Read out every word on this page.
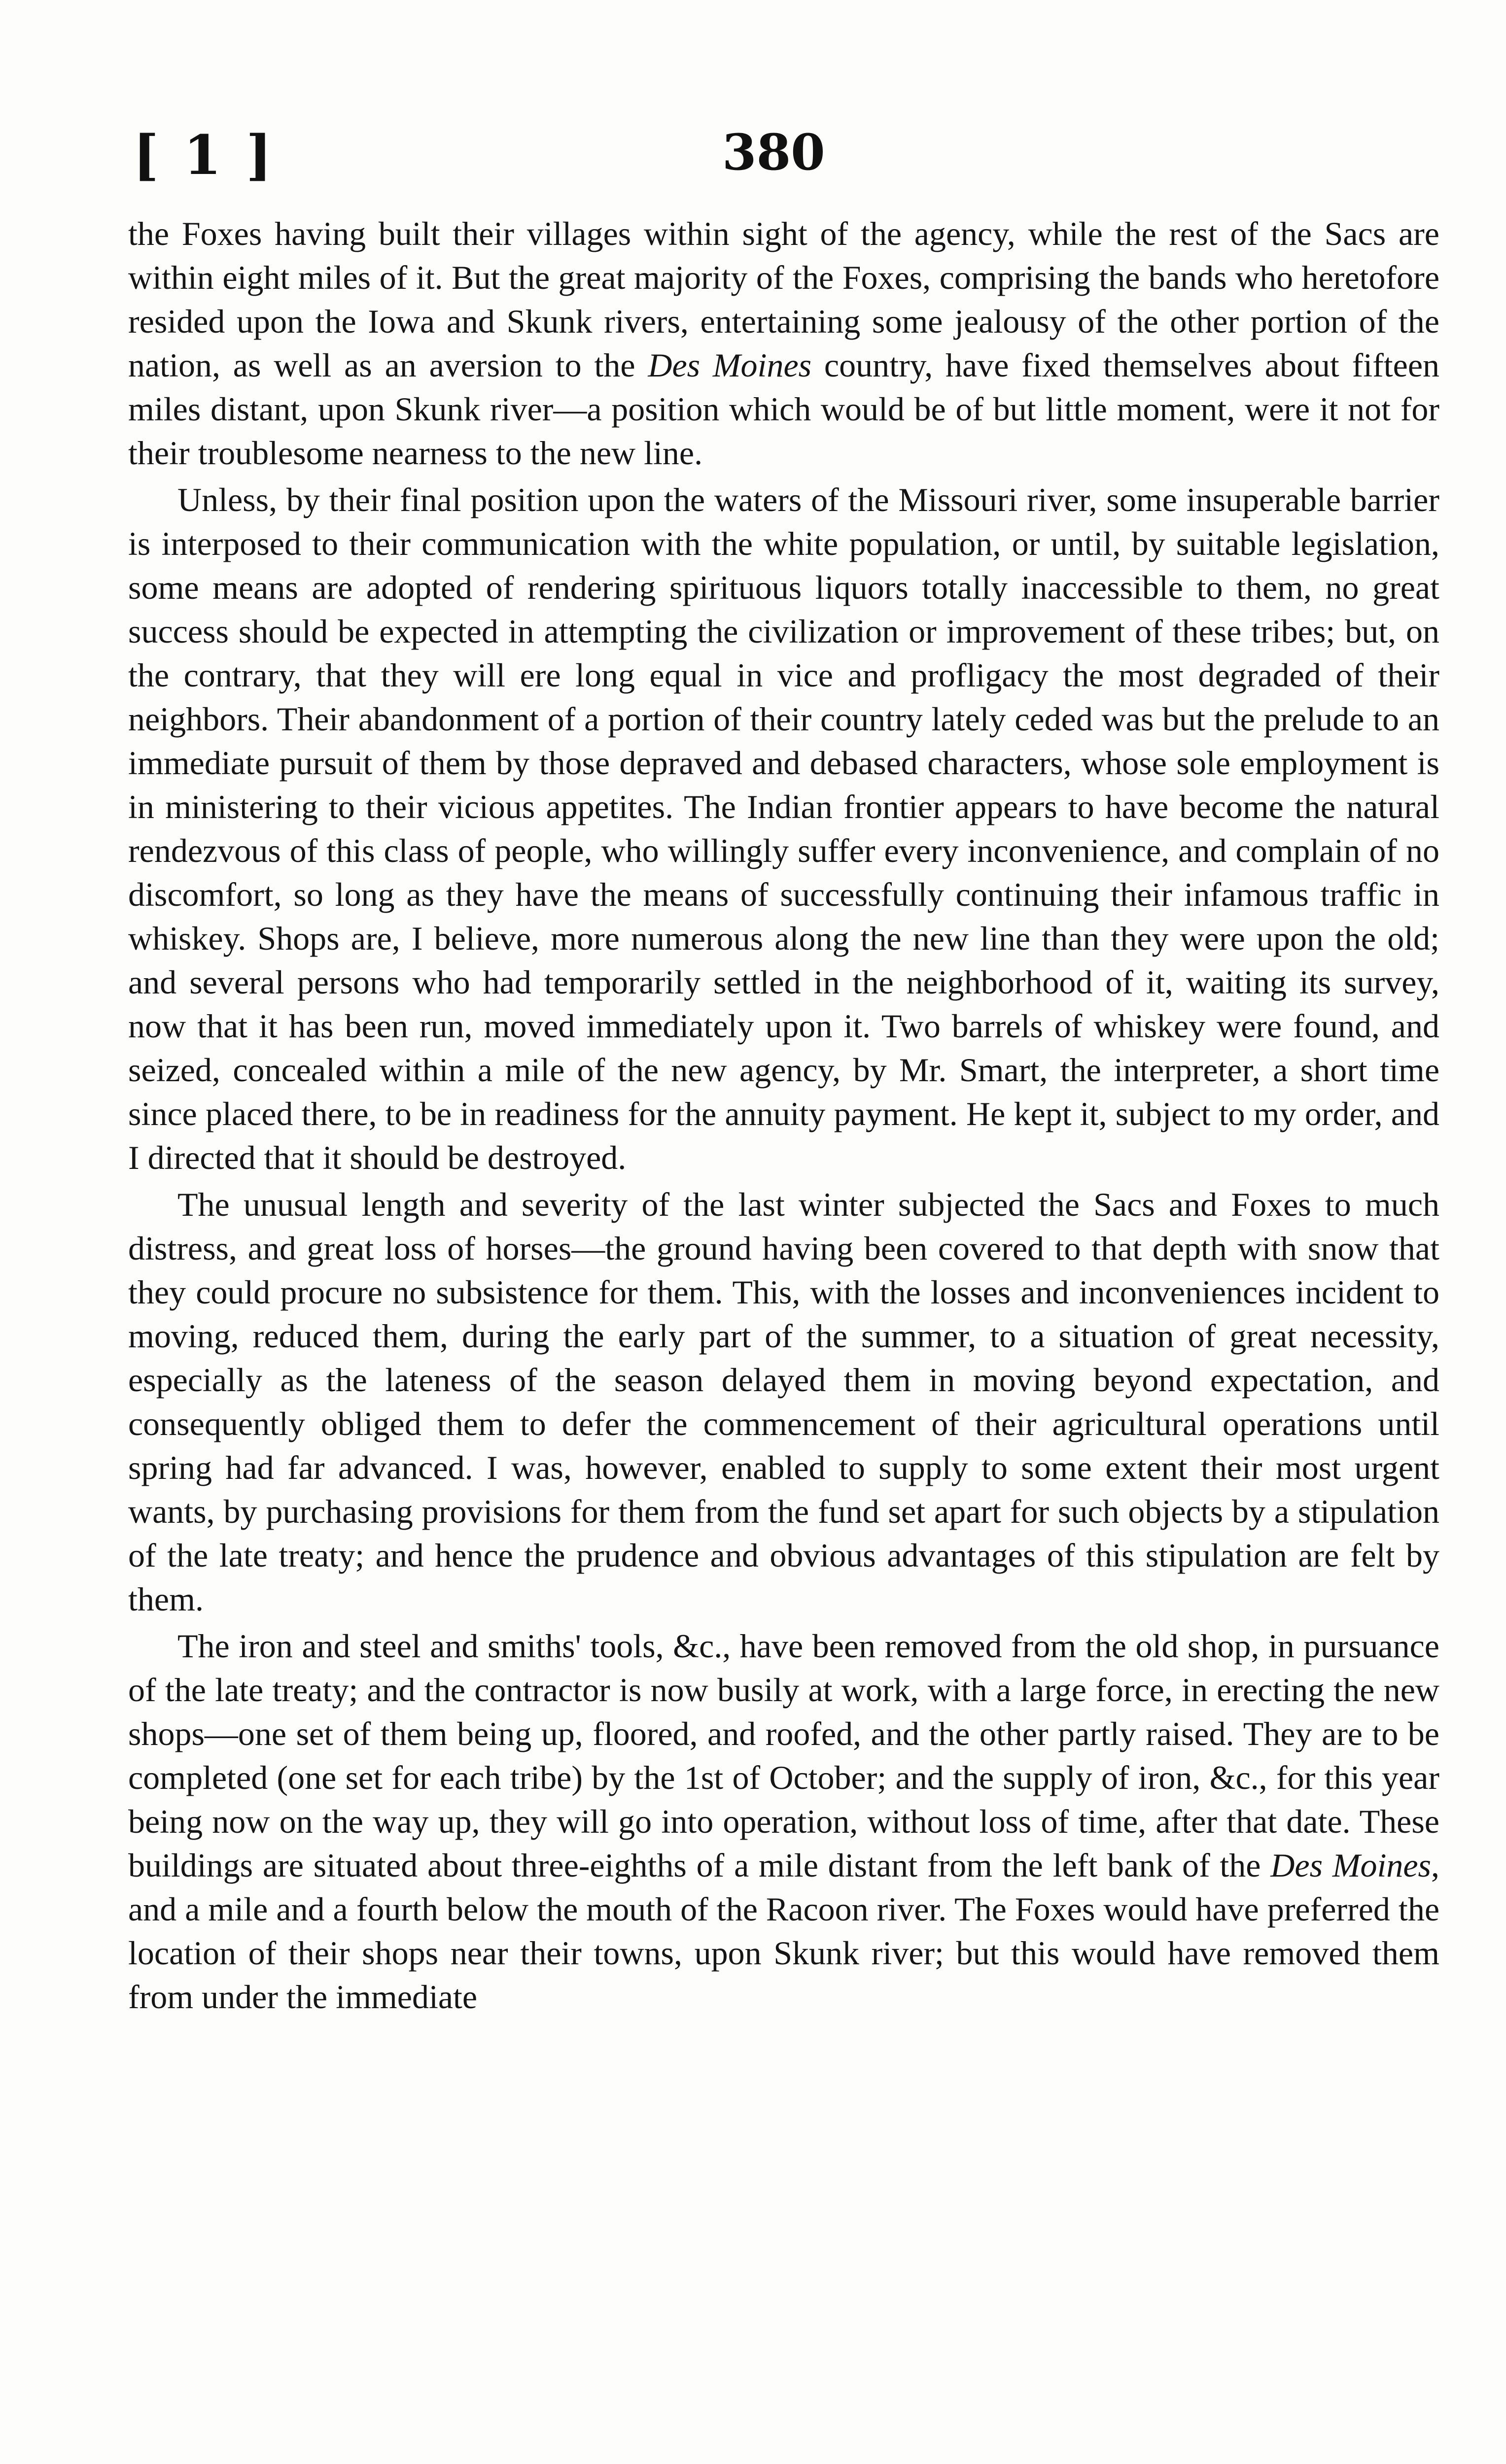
[ 1 ]	380

the Foxes having built their villages within sight of the agency, while the rest of the Sacs are within eight miles of it. But the great majority of the Foxes, comprising the bands who heretofore resided upon the Iowa and Skunk rivers, entertaining some jealousy of the other portion of the nation, as well as an aversion to the Des Moines country, have fixed themselves about fifteen miles distant, upon Skunk river—a position which would be of but little moment, were it not for their troublesome nearness to the new line.

Unless, by their final position upon the waters of the Missouri river, some insuperable barrier is interposed to their communication with the white population, or until, by suitable legislation, some means are adopted of rendering spirituous liquors totally inaccessible to them, no great success should be expected in attempting the civilization or improvement of these tribes; but, on the contrary, that they will ere long equal in vice and profligacy the most degraded of their neighbors. Their abandonment of a portion of their country lately ceded was but the prelude to an immediate pursuit of them by those depraved and debased characters, whose sole employment is in ministering to their vicious appetites. The Indian frontier appears to have become the natural rendezvous of this class of people, who willingly suffer every inconvenience, and complain of no discomfort, so long as they have the means of successfully continuing their infamous traffic in whiskey. Shops are, I believe, more numerous along the new line than they were upon the old; and several persons who had temporarily settled in the neighborhood of it, waiting its survey, now that it has been run, moved immediately upon it. Two barrels of whiskey were found, and seized, concealed within a mile of the new agency, by Mr. Smart, the interpreter, a short time since placed there, to be in readiness for the annuity payment. He kept it, subject to my order, and I directed that it should be destroyed.

The unusual length and severity of the last winter subjected the Sacs and Foxes to much distress, and great loss of horses—the ground having been covered to that depth with snow that they could procure no subsistence for them. This, with the losses and inconveniences incident to moving, reduced them, during the early part of the summer, to a situation of great necessity, especially as the lateness of the season delayed them in moving beyond expectation, and consequently obliged them to defer the commencement of their agricultural operations until spring had far advanced. I was, however, enabled to supply to some extent their most urgent wants, by purchasing provisions for them from the fund set apart for such objects by a stipulation of the late treaty; and hence the prudence and obvious advantages of this stipulation are felt by them.

The iron and steel and smiths' tools, &c., have been removed from the old shop, in pursuance of the late treaty; and the contractor is now busily at work, with a large force, in erecting the new shops—one set of them being up, floored, and roofed, and the other partly raised. They are to be completed (one set for each tribe) by the 1st of October; and the supply of iron, &c., for this year being now on the way up, they will go into operation, without loss of time, after that date. These buildings are situated about three-eighths of a mile distant from the left bank of the Des Moines, and a mile and a fourth below the mouth of the Racoon river. The Foxes would have preferred the location of their shops near their towns, upon Skunk river; but this would have removed them from under the immediate
